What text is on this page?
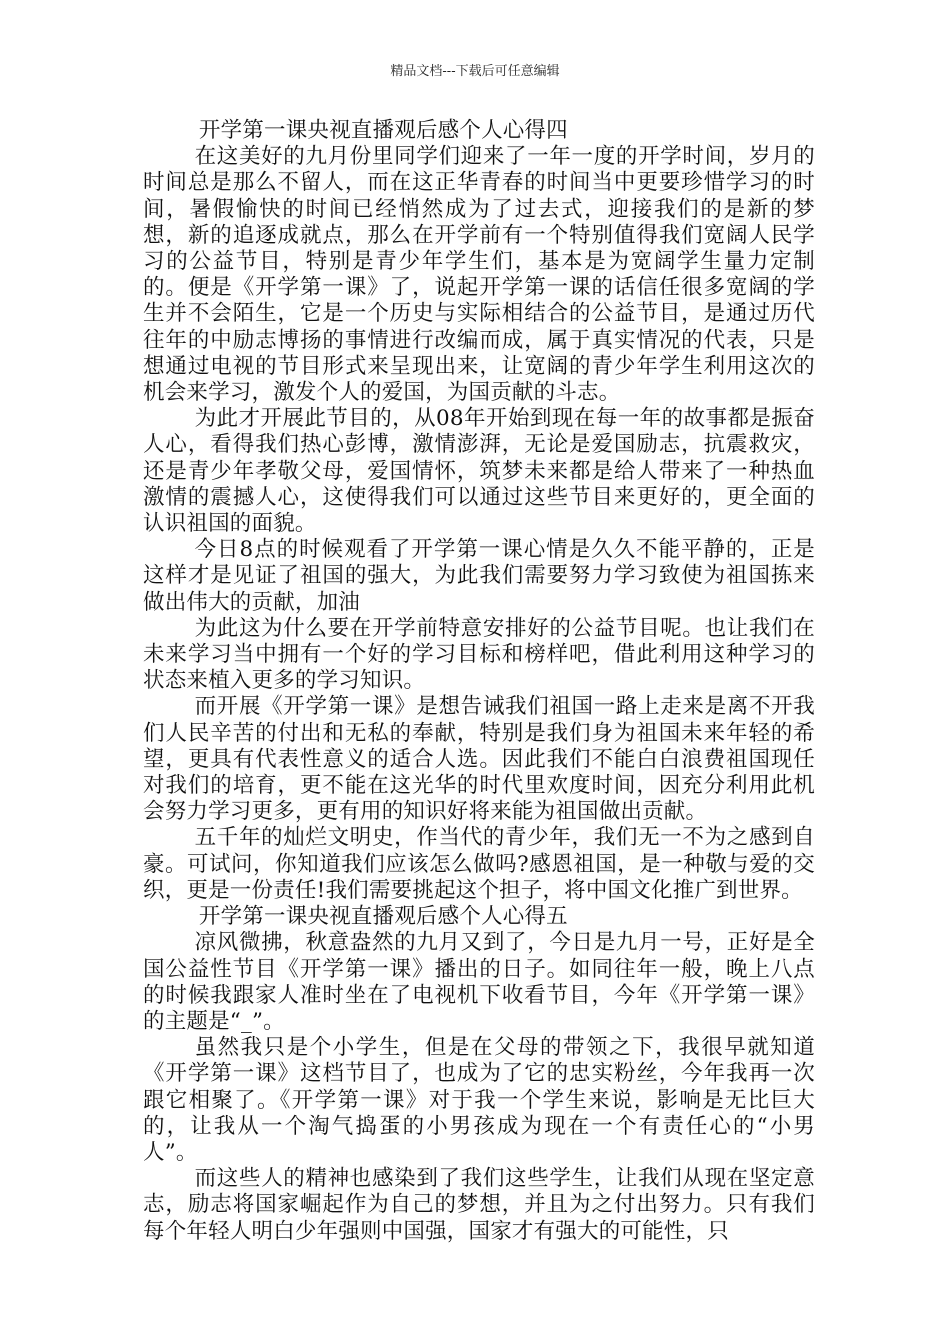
精品文档---下载后可任意编辑

开学第一课央视直播观后感个人心得四

在这美好的九月份里同学们迎来了一年一度的开学时间，岁月的时间总是那么不留人，而在这正华青春的时间当中更要珍惜学习的时间，暑假愉快的时间已经悄然成为了过去式，迎接我们的是新的梦想，新的追逐成就点，那么在开学前有一个特别值得我们宽阔人民学习的公益节目，特别是青少年学生们，基本是为宽阔学生量力定制的。便是《开学第一课》了，说起开学第一课的话信任很多宽阔的学生并不会陌生，它是一个历史与实际相结合的公益节目，是通过历代往年的中励志博扬的事情进行改编而成，属于真实情况的代表，只是想通过电视的节目形式来呈现出来，让宽阔的青少年学生利用这次的机会来学习，激发个人的爱国，为国贡献的斗志。

为此才开展此节目的，从08年开始到现在每一年的故事都是振奋人心，看得我们热心彭博，激情澎湃，无论是爱国励志，抗震救灾，还是青少年孝敬父母，爱国情怀，筑梦未来都是给人带来了一种热血激情的震撼人心，这使得我们可以通过这些节目来更好的，更全面的认识祖国的面貌。

今日8点的时候观看了开学第一课心情是久久不能平静的，正是这样才是见证了祖国的强大，为此我们需要努力学习致使为祖国拣来做出伟大的贡献，加油

为此这为什么要在开学前特意安排好的公益节目呢。也让我们在未来学习当中拥有一个好的学习目标和榜样吧，借此利用这种学习的状态来植入更多的学习知识。

而开展《开学第一课》是想告诫我们祖国一路上走来是离不开我们人民辛苦的付出和无私的奉献，特别是我们身为祖国未来年轻的希望，更具有代表性意义的适合人选。因此我们不能白白浪费祖国现任对我们的培育，更不能在这光华的时代里欢度时间，因充分利用此机会努力学习更多，更有用的知识好将来能为祖国做出贡献。

五千年的灿烂文明史，作当代的青少年，我们无一不为之感到自豪。可试问，你知道我们应该怎么做吗?感恩祖国，是一种敬与爱的交织，更是一份责任!我们需要挑起这个担子，将中国文化推广到世界。

开学第一课央视直播观后感个人心得五

凉风微拂，秋意盎然的九月又到了，今日是九月一号，正好是全国公益性节目《开学第一课》播出的日子。如同往年一般，晚上八点的时候我跟家人准时坐在了电视机下收看节目，今年《开学第一课》的主题是“_”。

虽然我只是个小学生，但是在父母的带领之下，我很早就知道《开学第一课》这档节目了，也成为了它的忠实粉丝，今年我再一次跟它相聚了。《开学第一课》对于我一个学生来说，影响是无比巨大的，让我从一个淘气捣蛋的小男孩成为现在一个有责任心的“小男人”。

而这些人的精神也感染到了我们这些学生，让我们从现在坚定意志，励志将国家崛起作为自己的梦想，并且为之付出努力。只有我们每个年轻人明白少年强则中国强，国家才有强大的可能性，只
